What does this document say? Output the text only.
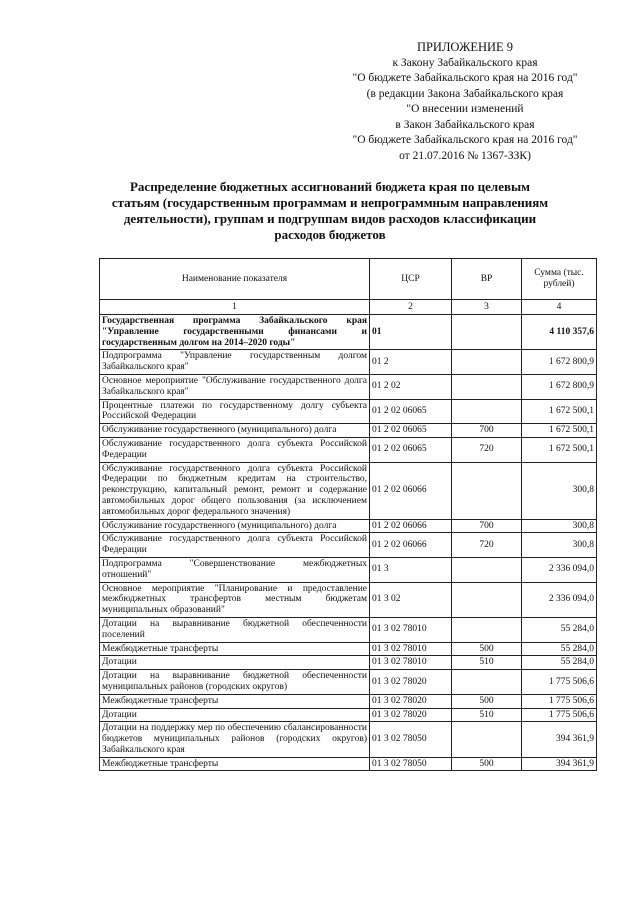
ПРИЛОЖЕНИЕ 9
к Закону Забайкальского края
"О бюджете Забайкальского края на 2016 год"
(в редакции Закона Забайкальского края
"О внесении изменений
в Закон Забайкальского края
"О бюджете Забайкальского края на 2016 год"
от 21.07.2016 № 1367-ЗЗК)
Распределение бюджетных ассигнований бюджета края по целевым статьям (государственным программам и непрограммным направлениям деятельности), группам и подгруппам видов расходов классификации расходов бюджетов
Наименование показателя	ЦСР	ВР	Сумма (тыс. рублей)
1	2	3	4
Государственная программа Забайкальского края "Управление государственными финансами и государственным долгом на 2014–2020 годы"	01		4 110 357,6
Подпрограмма "Управление государственным долгом Забайкальского края"	01 2		1 672 800,9
Основное мероприятие "Обслуживание государственного долга Забайкальского края"	01 2 02		1 672 800,9
Процентные платежи по государственному долгу субъекта Российской Федерации	01 2 02 06065		1 672 500,1
Обслуживание государственного (муниципального) долга	01 2 02 06065	700	1 672 500,1
Обслуживание государственного долга субъекта Российской Федерации	01 2 02 06065	720	1 672 500,1
Обслуживание государственного долга субъекта Российской Федерации по бюджетным кредитам на строительство, реконструкцию, капитальный ремонт, ремонт и содержание автомобильных дорог общего пользования (за исключением автомобильных дорог федерального значения)	01 2 02 06066		300,8
Обслуживание государственного (муниципального) долга	01 2 02 06066	700	300,8
Обслуживание государственного долга субъекта Российской Федерации	01 2 02 06066	720	300,8
Подпрограмма "Совершенствование межбюджетных отношений"	01 3		2 336 094,0
Основное мероприятие "Планирование и предоставление межбюджетных трансфертов местным бюджетам муниципальных образований"	01 3 02		2 336 094,0
Дотации на выравнивание бюджетной обеспеченности поселений	01 3 02 78010		55 284,0
Межбюджетные трансферты	01 3 02 78010	500	55 284,0
Дотации	01 3 02 78010	510	55 284,0
Дотации на выравнивание бюджетной обеспеченности муниципальных районов (городских округов)	01 3 02 78020		1 775 506,6
Межбюджетные трансферты	01 3 02 78020	500	1 775 506,6
Дотации	01 3 02 78020	510	1 775 506,6
Дотации на поддержку мер по обеспечению сбалансированности бюджетов муниципальных районов (городских округов) Забайкальского края	01 3 02 78050		394 361,9
Межбюджетные трансферты	01 3 02 78050	500	394 361,9
